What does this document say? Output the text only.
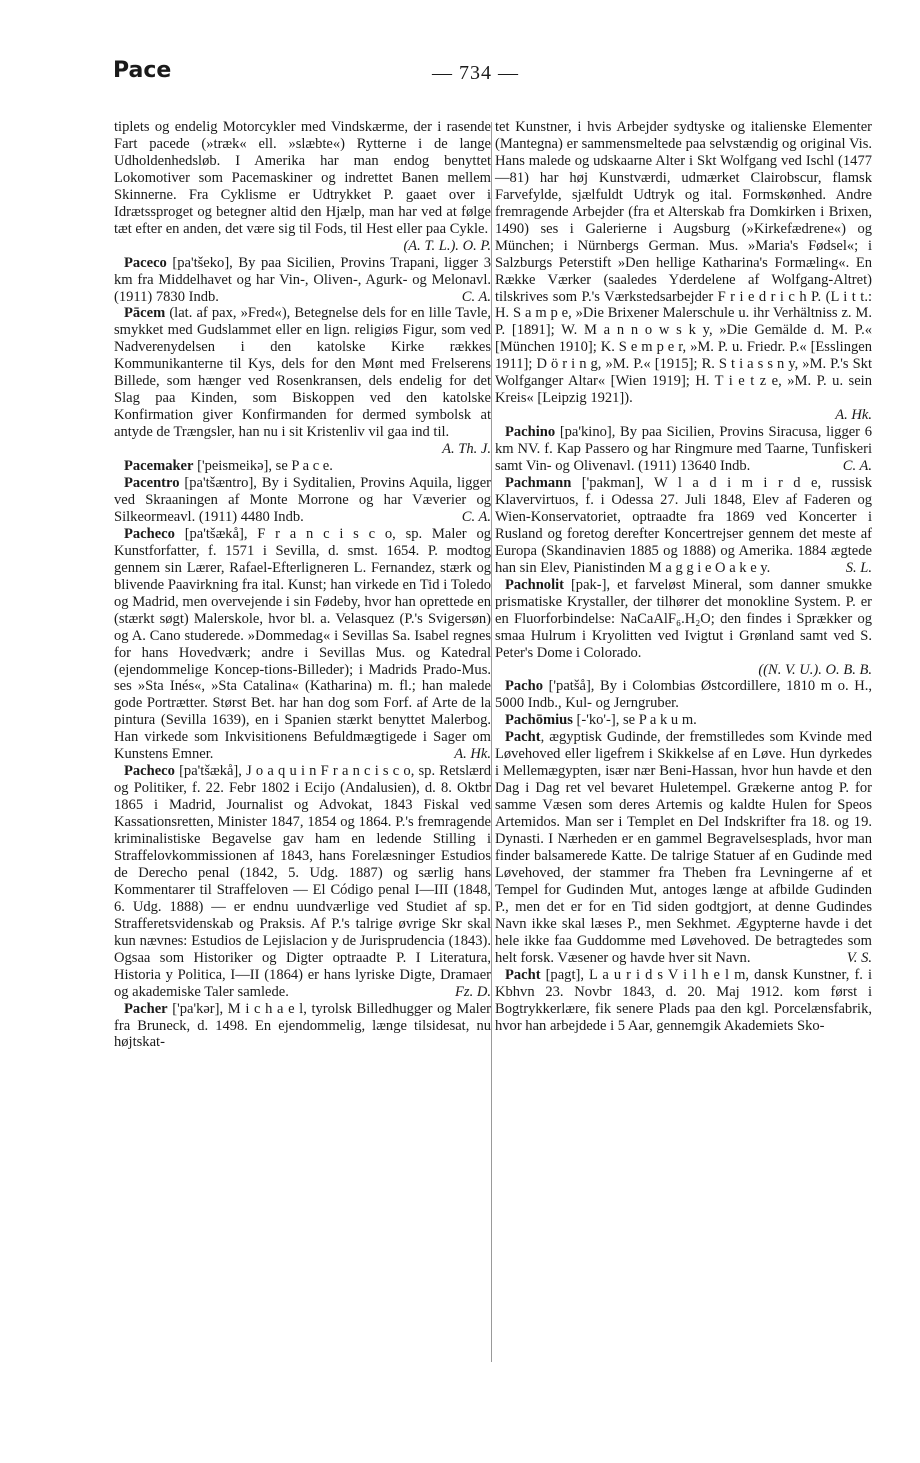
Pace	— 734 —

tiplets og endelig Motorcykler med Vindskærme, der i rasende Fart pacede (»træk« ell. »slæbte«) Rytterne i de lange Udholdenhedsløb. I Amerika har man endog benyttet Lokomotiver som Pacemaskiner og indrettet Banen mellem Skinnerne. Fra Cyklisme er Udtrykket P. gaaet over i Idrætssproget og betegner altid den Hjælp, man har ved at følge tæt efter en anden, det være sig til Fods, til Hest eller paa Cykle.
(A. T. L.). O. P.

Paceco [pa'tšeko], By paa Sicilien, Provins Trapani, ligger 3 km fra Middelhavet og har Vin-, Oliven-, Agurk- og Melonavl. (1911) 7830 Indb.	C. A.

Pācem (lat. af pax, »Fred«), Betegnelse dels for en lille Tavle, smykket med Gudslammet eller en lign. religiøs Figur, som ved Nadverenydelsen i den katolske Kirke rækkes Kommunikanterne til Kys, dels for den Mønt med Frelserens Billede, som hænger ved Rosenkransen, dels endelig for det Slag paa Kinden, som Biskoppen ved den katolske Konfirmation giver Konfirmanden for dermed symbolsk at antyde de Trængsler, han nu i sit Kristenliv vil gaa ind til.
A. Th. J.

Pacemaker ['peismeikə], se P a c e.

Pacentro [pa'tšæntro], By i Syditalien, Provins Aquila, ligger ved Skraaningen af Monte Morrone og har Væverier og Silkeormeavl. (1911) 4480 Indb.	C. A.

Pacheco [pa'tšækå], F r a n c i s c o, sp. Maler og Kunstforfatter, f. 1571 i Sevilla, d. smst. 1654. P. modtog gennem sin Lærer, Rafael-Efterligneren L. Fernandez, stærk og blivende Paavirkning fra ital. Kunst; han virkede en Tid i Toledo og Madrid, men overvejende i sin Fødeby, hvor han oprettede en (stærkt søgt) Malerskole, hvor bl. a. Velasquez (P.'s Svigersøn) og A. Cano studerede. »Dommedag« i Sevillas Sa. Isabel regnes for hans Hovedværk; andre i Sevillas Mus. og Katedral (ejendommelige Koncep-tions-Billeder); i Madrids Prado-Mus. ses »Sta Inés«, »Sta Catalina« (Katharina) m. fl.; han malede gode Portrætter. Størst Bet. har han dog som Forf. af Arte de la pintura (Sevilla 1639), en i Spanien stærkt benyttet Malerbog. Han virkede som Inkvisitionens Befuldmægtigede i Sager om Kunstens Emner.	A. Hk.

Pacheco [pa'tšækå], J o a q u i n F r a n c i s c o, sp. Retslærd og Politiker, f. 22. Febr 1802 i Ecijo (Andalusien), d. 8. Oktbr 1865 i Madrid, Journalist og Advokat, 1843 Fiskal ved Kassationsretten, Minister 1847, 1854 og 1864. P.'s fremragende kriminalistiske Begavelse gav ham en ledende Stilling i Straffelovkommissionen af 1843, hans Forelæsninger Estudios de Derecho penal (1842, 5. Udg. 1887) og særlig hans Kommentarer til Straffeloven — El Código penal I—III (1848, 6. Udg. 1888) — er endnu uundværlige ved Studiet af sp. Strafferetsvidenskab og Praksis. Af P.'s talrige øvrige Skr skal kun nævnes: Estudios de Lejislacion y de Jurisprudencia (1843). Ogsaa som Historiker og Digter optraadte P. I Literatura, Historia y Politica, I—II (1864) er hans lyriske Digte, Dramaer og akademiske Taler samlede.	Fz. D.

Pacher ['pa'kər], M i c h a e l, tyrolsk Billedhugger og Maler fra Bruneck, d. 1498. En ejendommelig, længe tilsidesat, nu højtskat-

tet Kunstner, i hvis Arbejder sydtyske og italienske Elementer (Mantegna) er sammensmeltede paa selvstændig og original Vis. Hans malede og udskaarne Alter i Skt Wolfgang ved Ischl (1477—81) har høj Kunstværdi, udmærket Clairobscur, flamsk Farvefylde, sjælfuldt Udtryk og ital. Formskønhed. Andre fremragende Arbejder (fra et Alterskab fra Domkirken i Brixen, 1490) ses i Galerierne i Augsburg (»Kirkefædrene«) og München; i Nürnbergs German. Mus. »Maria's Fødsel«; i Salzburgs Peterstift »Den hellige Katharina's Formæling«. En Række Værker (saaledes Yderdelene af Wolfgang-Altret) tilskrives som P.'s Værkstedsarbejder F r i e d r i c h P. (L i t t.: H. S a m p e, »Die Brixener Malerschule u. ihr Verhältniss z. M. P. [1891]; W. M a n n o w s k y, »Die Gemälde d. M. P.« [München 1910]; K. S e m p e r, »M. P. u. Friedr. P.« [Esslingen 1911]; D ö r i n g, »M. P.« [1915]; R. S t i a s s n y, »M. P.'s Skt Wolfganger Altar« [Wien 1919]; H. T i e t z e, »M. P. u. sein Kreis« [Leipzig 1921]).
A. Hk.

Pachino [pa'kino], By paa Sicilien, Provins Siracusa, ligger 6 km NV. f. Kap Passero og har Ringmure med Taarne, Tunfiskeri samt Vin- og Olivenavl. (1911) 13640 Indb.	C. A.

Pachmann ['pakman], W l a d i m i r d e, russisk Klavervirtuos, f. i Odessa 27. Juli 1848, Elev af Faderen og Wien-Konservatoriet, optraadte fra 1869 ved Koncerter i Rusland og foretog derefter Koncertrejser gennem det meste af Europa (Skandinavien 1885 og 1888) og Amerika. 1884 ægtede han sin Elev, Pianistinden M a g g i e O a k e y.	S. L.

Pachnolit [pak-], et farveløst Mineral, som danner smukke prismatiske Krystaller, der tilhører det monokline System. P. er en Fluorforbindelse: NaCaAlF₆.H₂O; den findes i Sprækker og smaa Hulrum i Kryolitten ved Ivigtut i Grønland samt ved S. Peter's Dome i Colorado.
((N. V. U.). O. B. B.

Pacho ['patšå], By i Colombias Østcordillere, 1810 m o. H., 5000 Indb., Kul- og Jerngruber.

Pachōmius [-'ko'-], se P a k u m.

Pacht, ægyptisk Gudinde, der fremstilledes som Kvinde med Løvehoved eller ligefrem i Skikkelse af en Løve. Hun dyrkedes i Mellemægypten, især nær Beni-Hassan, hvor hun havde et den Dag i Dag ret vel bevaret Huletempel. Grækerne antog P. for samme Væsen som deres Artemis og kaldte Hulen for Speos Artemidos. Man ser i Templet en Del Indskrifter fra 18. og 19. Dynasti. I Nærheden er en gammel Begravelsesplads, hvor man finder balsamerede Katte. De talrige Statuer af en Gudinde med Løvehoved, der stammer fra Theben fra Levningerne af et Tempel for Gudinden Mut, antoges længe at afbilde Gudinden P., men det er for en Tid siden godtgjort, at denne Gudindes Navn ikke skal læses P., men Sekhmet. Ægypterne havde i det hele ikke faa Guddomme med Løvehoved. De betragtedes som helt forsk. Væsener og havde hver sit Navn.	V. S.

Pacht [pagt], L a u r i d s V i l h e l m, dansk Kunstner, f. i Kbhvn 23. Novbr 1843, d. 20. Maj 1912. kom først i Bogtrykkerlære, fik senere Plads paa den kgl. Porcelænsfabrik, hvor han arbejdede i 5 Aar, gennemgik Akademiets Sko-
